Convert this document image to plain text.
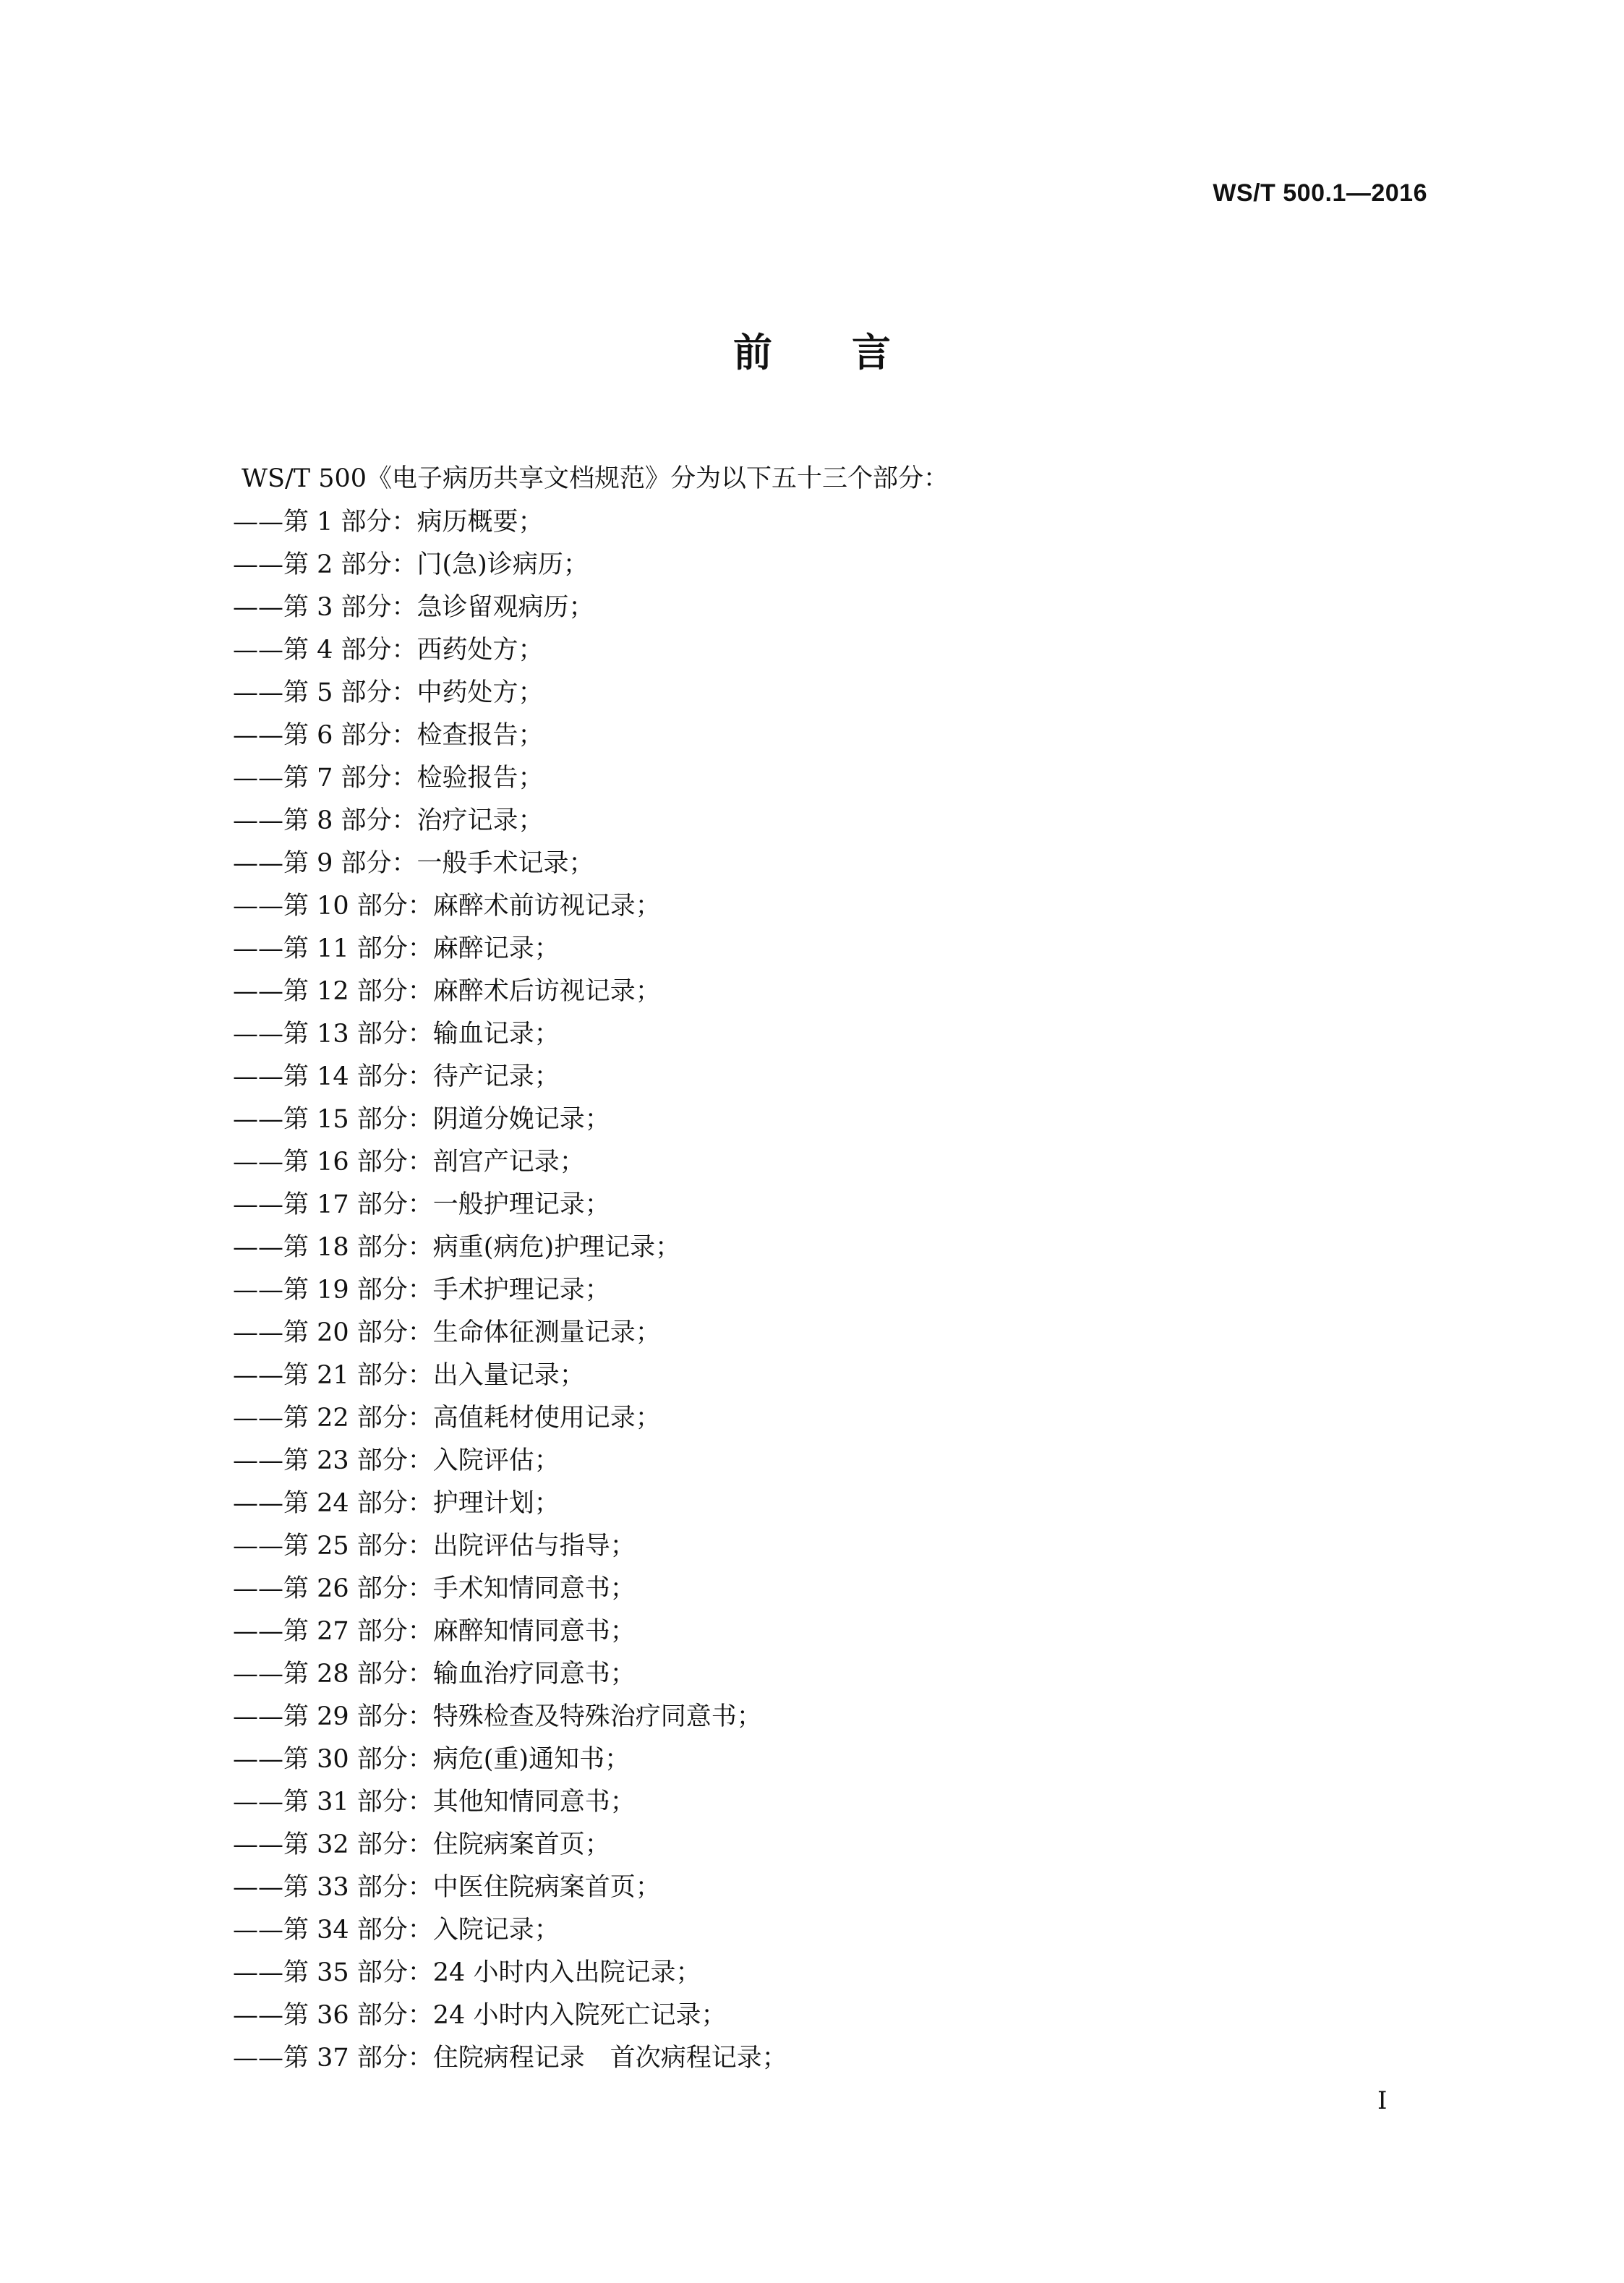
WS/T 500.1—2016

前言

WS/T 500《电子病历共享文档规范》分为以下五十三个部分：

——第 1 部分：病历概要；
——第 2 部分：门(急)诊病历；
——第 3 部分：急诊留观病历；
——第 4 部分：西药处方；
——第 5 部分：中药处方；
——第 6 部分：检查报告；
——第 7 部分：检验报告；
——第 8 部分：治疗记录；
——第 9 部分：一般手术记录；
——第 10 部分：麻醉术前访视记录；
——第 11 部分：麻醉记录；
——第 12 部分：麻醉术后访视记录；
——第 13 部分：输血记录；
——第 14 部分：待产记录；
——第 15 部分：阴道分娩记录；
——第 16 部分：剖宫产记录；
——第 17 部分：一般护理记录；
——第 18 部分：病重(病危)护理记录；
——第 19 部分：手术护理记录；
——第 20 部分：生命体征测量记录；
——第 21 部分：出入量记录；
——第 22 部分：高值耗材使用记录；
——第 23 部分：入院评估；
——第 24 部分：护理计划；
——第 25 部分：出院评估与指导；
——第 26 部分：手术知情同意书；
——第 27 部分：麻醉知情同意书；
——第 28 部分：输血治疗同意书；
——第 29 部分：特殊检查及特殊治疗同意书；
——第 30 部分：病危(重)通知书；
——第 31 部分：其他知情同意书；
——第 32 部分：住院病案首页；
——第 33 部分：中医住院病案首页；
——第 34 部分：入院记录；
——第 35 部分：24 小时内入出院记录；
——第 36 部分：24 小时内入院死亡记录；
——第 37 部分：住院病程记录　首次病程记录；

I
